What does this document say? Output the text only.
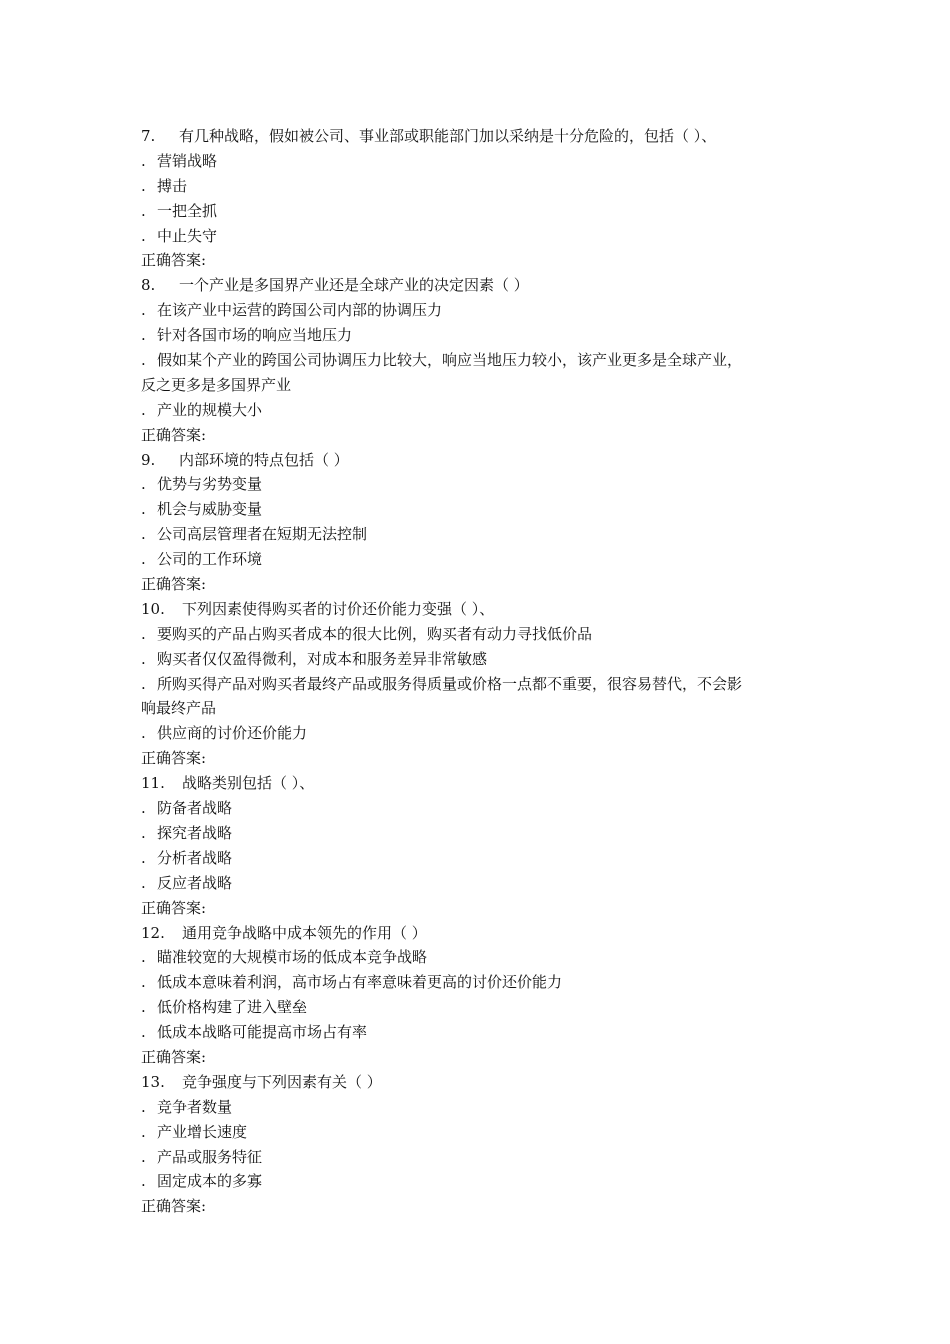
7. 有几种战略，假如被公司、事业部或职能部门加以采纳是十分危险的，包括（ ）、
. 营销战略
. 搏击
. 一把全抓
. 中止失守
正确答案:
8. 一个产业是多国界产业还是全球产业的决定因素（ ）
. 在该产业中运营的跨国公司内部的协调压力
. 针对各国市场的响应当地压力
. 假如某个产业的跨国公司协调压力比较大，响应当地压力较小，该产业更多是全球产业，
反之更多是多国界产业
. 产业的规模大小
正确答案:
9. 内部环境的特点包括（ ）
. 优势与劣势变量
. 机会与威胁变量
. 公司高层管理者在短期无法控制
. 公司的工作环境
正确答案:
10. 下列因素使得购买者的讨价还价能力变强（ ）、
. 要购买的产品占购买者成本的很大比例，购买者有动力寻找低价品
. 购买者仅仅盈得微利，对成本和服务差异非常敏感
. 所购买得产品对购买者最终产品或服务得质量或价格一点都不重要，很容易替代，不会影
响最终产品
. 供应商的讨价还价能力
正确答案:
11. 战略类别包括（ ）、
. 防备者战略
. 探究者战略
. 分析者战略
. 反应者战略
正确答案:
12. 通用竞争战略中成本领先的作用（ ）
. 瞄准较宽的大规模市场的低成本竞争战略
. 低成本意味着利润，高市场占有率意味着更高的讨价还价能力
. 低价格构建了进入壁垒
. 低成本战略可能提高市场占有率
正确答案:
13. 竞争强度与下列因素有关（ ）
. 竞争者数量
. 产业增长速度
. 产品或服务特征
. 固定成本的多寡
正确答案:
